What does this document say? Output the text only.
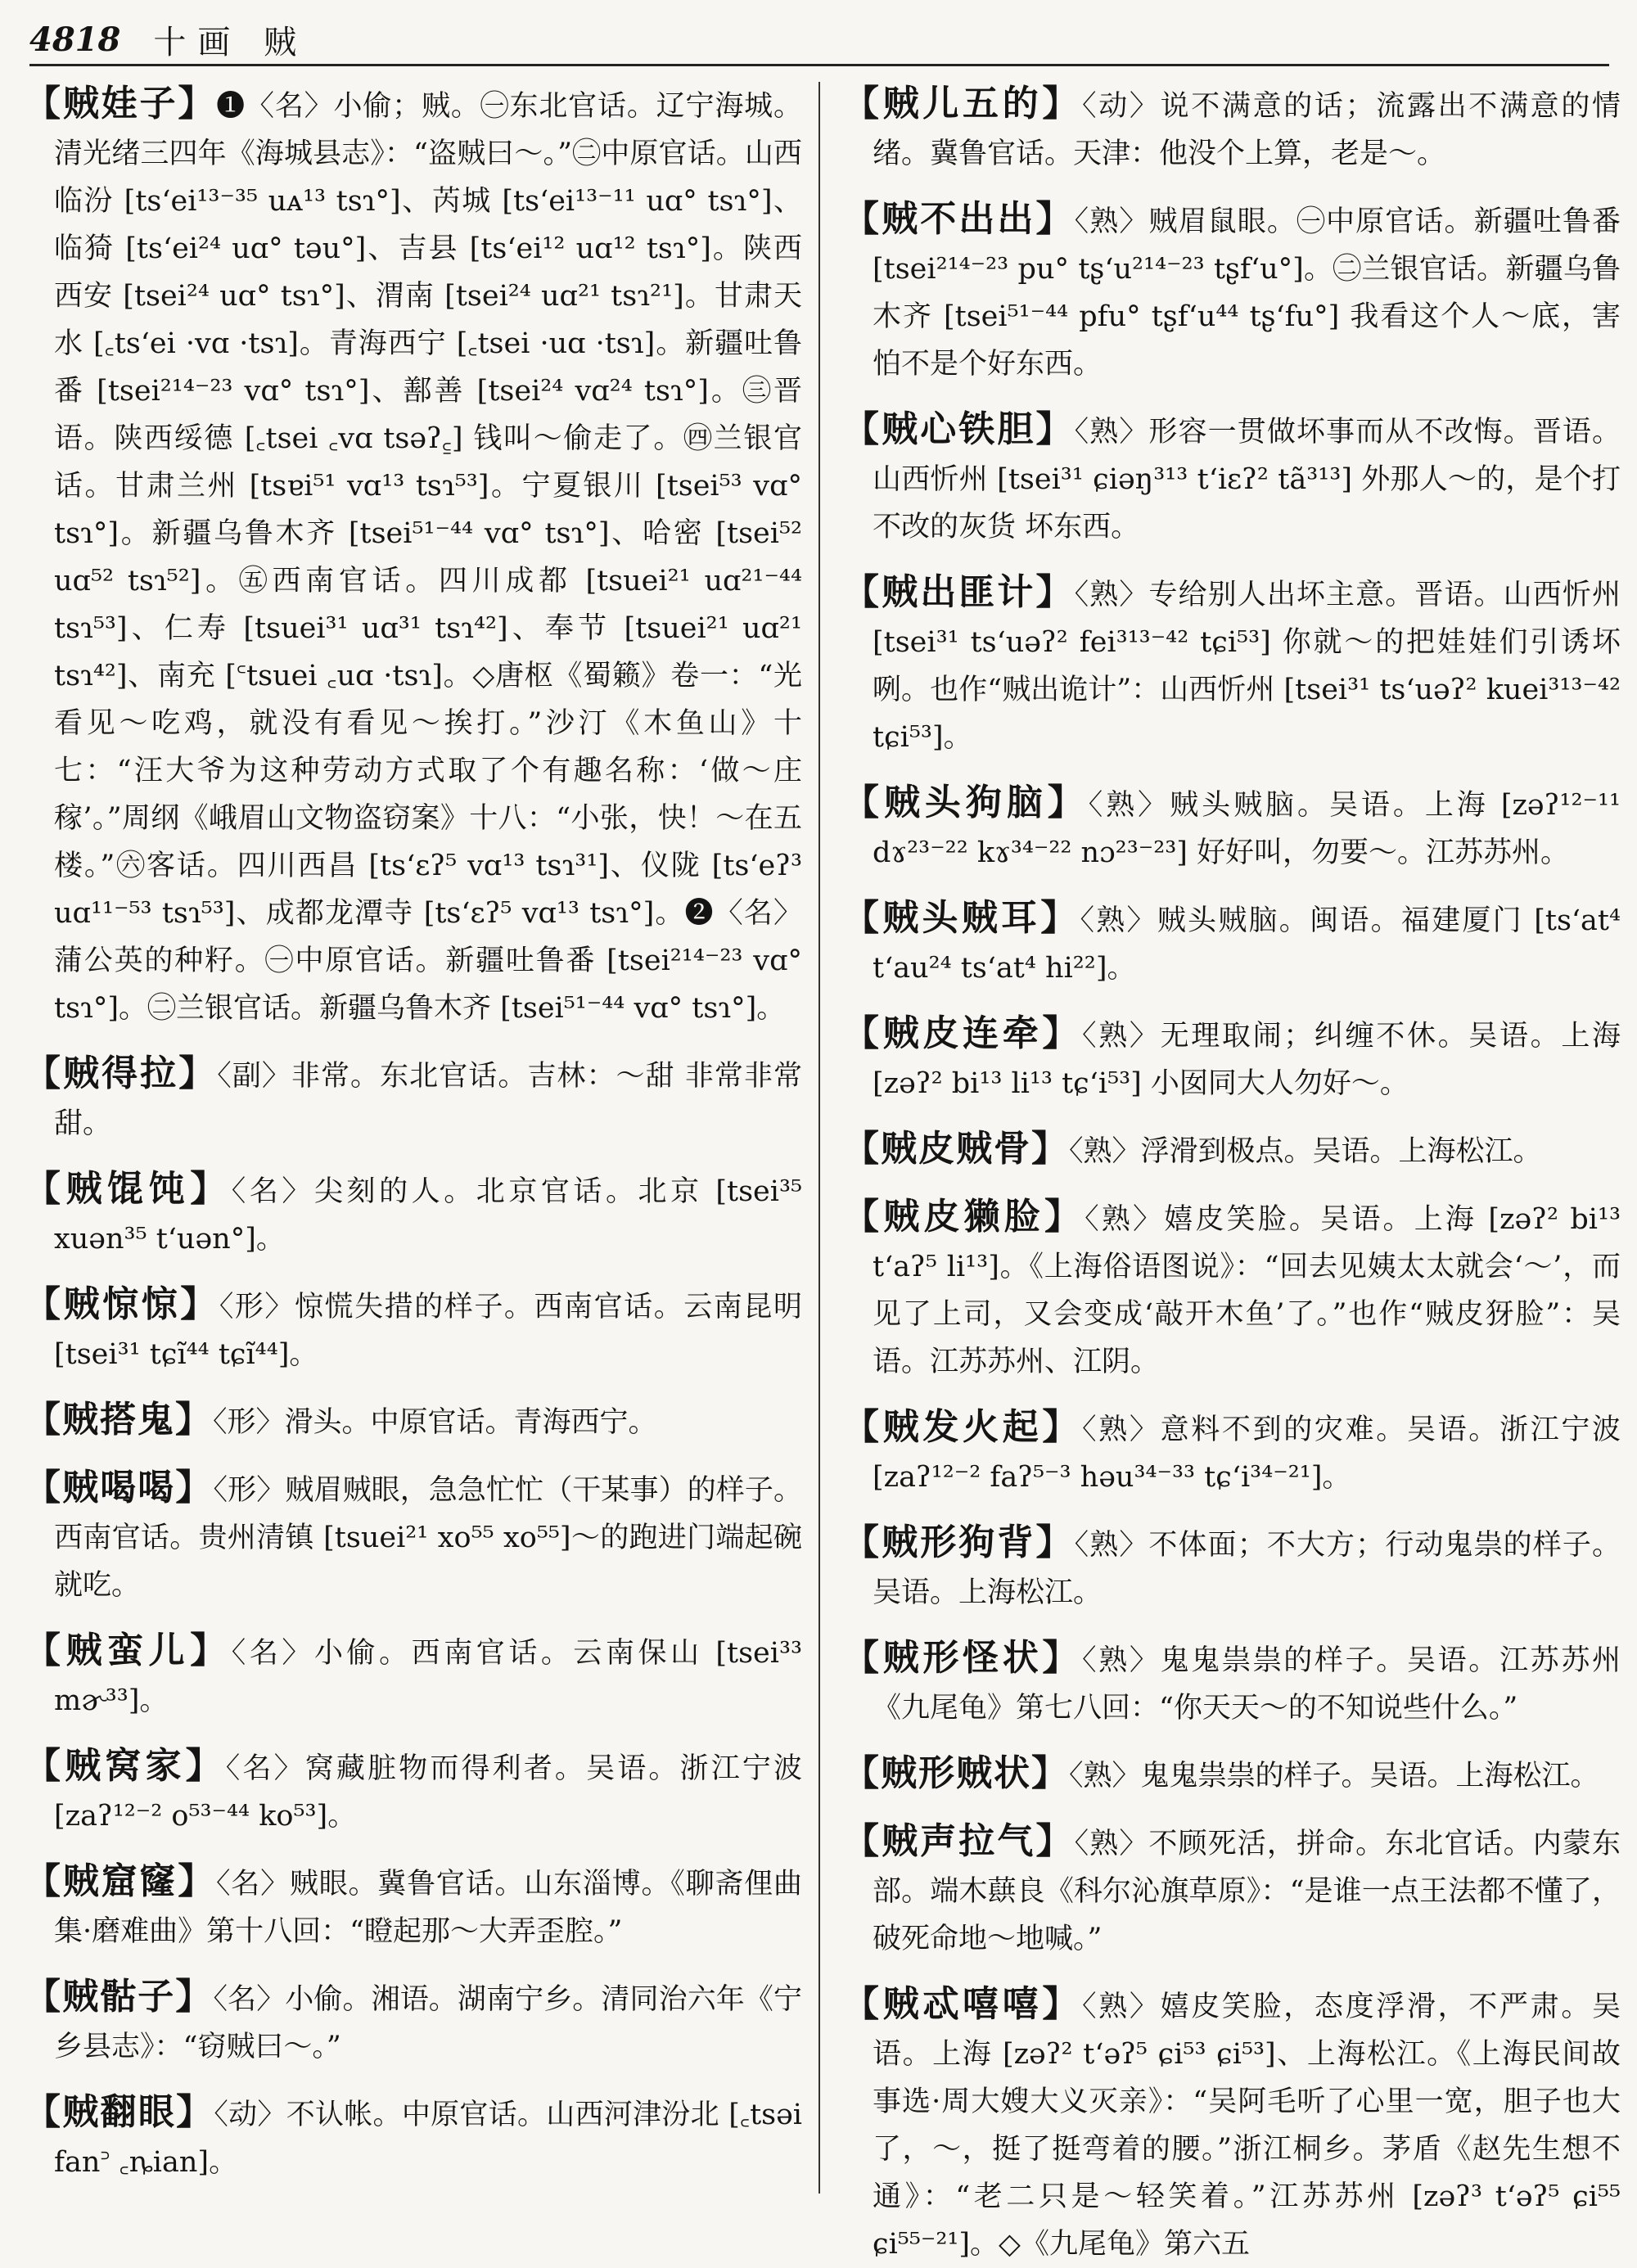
4818 十画 贼

【贼娃子】❶〈名〉小偷；贼。㊀东北官话。辽宁海城。清光绪三四年《海城县志》：“盗贼曰～。”㊁中原官话。山西临汾 [tsʻei¹³⁻³⁵ uᴀ¹³ tsɿ°]、芮城 [tsʻei¹³⁻¹¹ uɑ° tsɿ°]、临猗 [tsʻei²⁴ uɑ° təu°]、吉县 [tsʻei¹² uɑ¹² tsɿ°]。陕西西安 [tsei²⁴ uɑ° tsɿ°]、渭南 [tsei²⁴ uɑ²¹ tsɿ²¹]。甘肃天水 [꜀tsʻei ·vɑ ·tsɿ]。青海西宁 [꜀tsei ·uɑ ·tsɿ]。新疆吐鲁番 [tsei²¹⁴⁻²³ vɑ° tsɿ°]、鄯善 [tsei²⁴ vɑ²⁴ tsɿ°]。㊂晋语。陕西绥德 [꜀tsei ꜀vɑ tsəʔ꜁] 钱叫～偷走了。㊃兰银官话。甘肃兰州 [tsɐi⁵¹ vɑ¹³ tsɿ⁵³]。宁夏银川 [tsei⁵³ vɑ° tsɿ°]。新疆乌鲁木齐 [tsei⁵¹⁻⁴⁴ vɑ° tsɿ°]、哈密 [tsei⁵² uɑ⁵² tsɿ⁵²]。㊄西南官话。四川成都 [tsuei²¹ uɑ²¹⁻⁴⁴ tsɿ⁵³]、仁寿 [tsuei³¹ uɑ³¹ tsɿ⁴²]、奉节 [tsuei²¹ uɑ²¹ tsɿ⁴²]、南充 [꜂tsuei ꜀uɑ ·tsɿ]。◇唐枢《蜀籁》卷一：“光看见～吃鸡，就没有看见～挨打。”沙汀《木鱼山》十七：“汪大爷为这种劳动方式取了个有趣名称：‘做～庄稼’。”周纲《峨眉山文物盗窃案》十八：“小张，快！～在五楼。”㊅客话。四川西昌 [tsʻɛʔ⁵ vɑ¹³ tsɿ³¹]、仪陇 [tsʻeʔ³ uɑ¹¹⁻⁵³ tsɿ⁵³]、成都龙潭寺 [tsʻɛʔ⁵ vɑ¹³ tsɿ°]。❷〈名〉蒲公英的种籽。㊀中原官话。新疆吐鲁番 [tsei²¹⁴⁻²³ vɑ° tsɿ°]。㊁兰银官话。新疆乌鲁木齐 [tsei⁵¹⁻⁴⁴ vɑ° tsɿ°]。

【贼得拉】〈副〉非常。东北官话。吉林：～甜 非常非常甜。

【贼馄饨】〈名〉尖刻的人。北京官话。北京 [tsei³⁵ xuən³⁵ tʻuən°]。

【贼惊惊】〈形〉惊慌失措的样子。西南官话。云南昆明 [tsei³¹ tɕĩ⁴⁴ tɕĩ⁴⁴]。

【贼搭鬼】〈形〉滑头。中原官话。青海西宁。

【贼喝喝】〈形〉贼眉贼眼，急急忙忙（干某事）的样子。西南官话。贵州清镇 [tsuei²¹ xo⁵⁵ xo⁵⁵]～的跑进门端起碗就吃。

【贼蛮儿】〈名〉小偷。西南官话。云南保山 [tsei³³ mɚ³³]。

【贼窝家】〈名〉窝藏脏物而得利者。吴语。浙江宁波 [zaʔ¹²⁻² o⁵³⁻⁴⁴ ko⁵³]。

【贼窟窿】〈名〉贼眼。冀鲁官话。山东淄博。《聊斋俚曲集·磨难曲》第十八回：“瞪起那～大弄歪腔。”

【贼骷子】〈名〉小偷。湘语。湖南宁乡。清同治六年《宁乡县志》：“窃贼曰～。”

【贼翻眼】〈动〉不认帐。中原官话。山西河津汾北 [꜀tsəi fan꜄ ꜀ȵian]。

【贼儿五的】〈动〉说不满意的话；流露出不满意的情绪。冀鲁官话。天津：他没个上算，老是～。

【贼不出出】〈熟〉贼眉鼠眼。㊀中原官话。新疆吐鲁番 [tsei²¹⁴⁻²³ pu° tʂʻu²¹⁴⁻²³ tʂfʻu°]。㊁兰银官话。新疆乌鲁木齐 [tsei⁵¹⁻⁴⁴ pfu° tʂfʻu⁴⁴ tʂʻfu°] 我看这个人～底，害怕不是个好东西。

【贼心铁胆】〈熟〉形容一贯做坏事而从不改悔。晋语。山西忻州 [tsei³¹ ɕiəŋ³¹³ tʻiɛʔ² tã³¹³] 外那人～的，是个打不改的灰货 坏东西。

【贼出匪计】〈熟〉专给别人出坏主意。晋语。山西忻州 [tsei³¹ tsʻuəʔ² fei³¹³⁻⁴² tɕi⁵³] 你就～的把娃娃们引诱坏咧。也作“贼出诡计”：山西忻州 [tsei³¹ tsʻuəʔ² kuei³¹³⁻⁴² tɕi⁵³]。

【贼头狗脑】〈熟〉贼头贼脑。吴语。上海 [zəʔ¹²⁻¹¹ dɤ²³⁻²² kɤ³⁴⁻²² nɔ²³⁻²³] 好好叫，勿要～。江苏苏州。

【贼头贼耳】〈熟〉贼头贼脑。闽语。福建厦门 [tsʻat⁴ tʻau²⁴ tsʻat⁴ hi²²]。

【贼皮连牵】〈熟〉无理取闹；纠缠不休。吴语。上海 [zəʔ² bi¹³ li¹³ tɕʻi⁵³] 小囡同大人勿好～。

【贼皮贼骨】〈熟〉浮滑到极点。吴语。上海松江。

【贼皮獭脸】〈熟〉嬉皮笑脸。吴语。上海 [zəʔ² bi¹³ tʻaʔ⁵ li¹³]。《上海俗语图说》：“回去见姨太太就会‘～’，而见了上司，又会变成‘敲开木鱼’了。”也作“贼皮犽脸”：吴语。江苏苏州、江阴。

【贼发火起】〈熟〉意料不到的灾难。吴语。浙江宁波 [zaʔ¹²⁻² faʔ⁵⁻³ həu³⁴⁻³³ tɕʻi³⁴⁻²¹]。

【贼形狗背】〈熟〉不体面；不大方；行动鬼祟的样子。吴语。上海松江。

【贼形怪状】〈熟〉鬼鬼祟祟的样子。吴语。江苏苏州《九尾龟》第七八回：“你天天～的不知说些什么。”

【贼形贼状】〈熟〉鬼鬼祟祟的样子。吴语。上海松江。

【贼声拉气】〈熟〉不顾死活，拼命。东北官话。内蒙东部。端木蕻良《科尔沁旗草原》：“是谁一点王法都不懂了，破死命地～地喊。”

【贼忒嘻嘻】〈熟〉嬉皮笑脸，态度浮滑，不严肃。吴语。上海 [zəʔ² tʻəʔ⁵ ɕi⁵³ ɕi⁵³]、上海松江。《上海民间故事选·周大嫂大义灭亲》：“吴阿毛听了心里一宽，胆子也大了，～，挺了挺弯着的腰。”浙江桐乡。茅盾《赵先生想不通》：“老二只是～轻笑着。”江苏苏州 [zəʔ³ tʻəʔ⁵ ɕi⁵⁵ ɕi⁵⁵⁻²¹]。◇《九尾龟》第六五
